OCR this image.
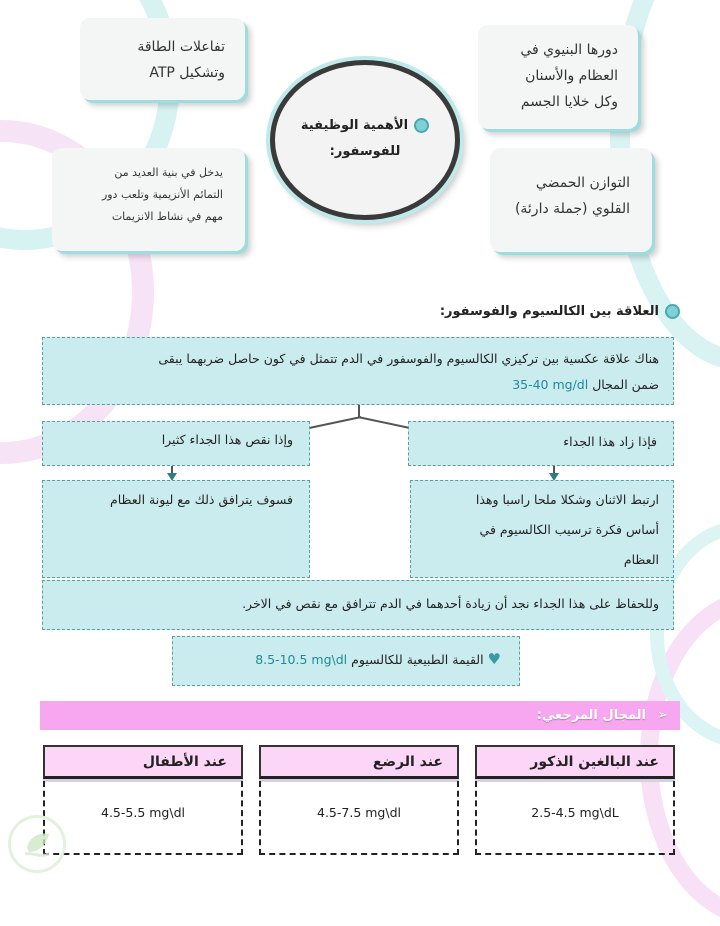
تفاعلات الطاقة
وتشكيل ATP
دورها البنيوي في
العظام والأسنان
وكل خلايا الجسم
يدخل في بنية العديد من
التمائم الأنزيمية وتلعب دور
مهم في نشاط الانزيمات
التوازن الحمضي
القلوي (جملة دارئة)
الأهمية الوظيفية
للفوسفور:
العلاقة بين الكالسيوم والفوسفور:
هناك علاقة عكسية بين تركيزي الكالسيوم والفوسفور في الدم تتمثل في كون حاصل ضربهما يبقى
ضمن المجال 35-40 mg/dl
فإذا زاد هذا الجداء
وإذا نقص هذا الجداء كثيرا
ارتبط الاثنان وشكلا ملحا راسبا وهذا
أساس فكرة ترسيب الكالسيوم في
العظام
فسوف يترافق ذلك مع ليونة العظام
وللحفاظ على هذا الجداء نجد أن زيادة أحدهما في الدم تترافق مع نقص في الاخر.
♥ القيمة الطبيعية للكالسيوم 8.5-10.5 mg\dl
➢ المجال المرجعي:
عند البالغين الذكور
2.5-4.5 mg\dL
عند الرضع
4.5-7.5 mg\dl
عند الأطفال
4.5-5.5 mg\dl
